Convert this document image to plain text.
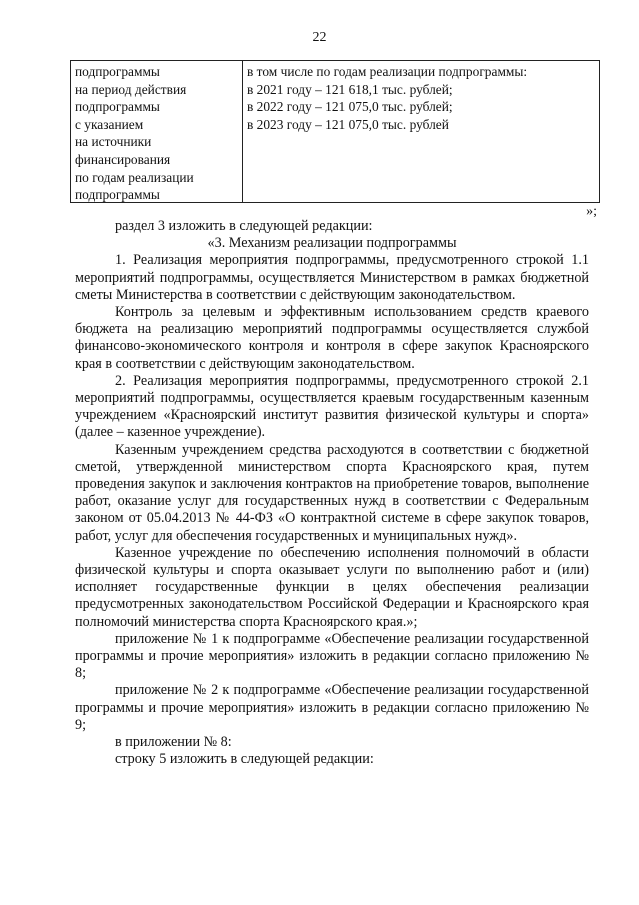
22
подпрограммы
на период действия
подпрограммы
с указанием
на источники
финансирования
по годам реализации
подпрограммы
в том числе по годам реализации подпрограммы:
в 2021 году – 121 618,1 тыс. рублей;
в 2022 году – 121 075,0 тыс. рублей;
в 2023 году – 121 075,0 тыс. рублей
»;

раздел 3 изложить в следующей редакции:

«3. Механизм реализации подпрограммы

1. Реализация мероприятия подпрограммы, предусмотренного строкой 1.1 мероприятий подпрограммы, осуществляется Министерством в рамках бюджетной сметы Министерства в соответствии с действующим законодательством.

Контроль за целевым и эффективным использованием средств краевого бюджета на реализацию мероприятий подпрограммы осуществляется службой финансово-экономического контроля и контроля в сфере закупок Красноярского края в соответствии с действующим законодательством.

2. Реализация мероприятия подпрограммы, предусмотренного строкой 2.1 мероприятий подпрограммы, осуществляется краевым государственным казенным учреждением «Красноярский институт развития физической культуры и спорта» (далее – казенное учреждение).

Казенным учреждением средства расходуются в соответствии с бюджетной сметой, утвержденной министерством спорта Красноярского края, путем проведения закупок и заключения контрактов на приобретение товаров, выполнение работ, оказание услуг для государственных нужд в соответствии с Федеральным законом от 05.04.2013 № 44-ФЗ «О контрактной системе в сфере закупок товаров, работ, услуг для обеспечения государственных и муниципальных нужд».

Казенное учреждение по обеспечению исполнения полномочий в области физической культуры и спорта оказывает услуги по выполнению работ и (или) исполняет государственные функции в целях обеспечения реализации предусмотренных законодательством Российской Федерации и Красноярского края полномочий министерства спорта Красноярского края.»;

приложение № 1 к подпрограмме «Обеспечение реализации государственной программы и прочие мероприятия» изложить в редакции согласно приложению № 8;

приложение № 2 к подпрограмме «Обеспечение реализации государственной программы и прочие мероприятия» изложить в редакции согласно приложению № 9;

в приложении № 8:

строку 5 изложить в следующей редакции:
